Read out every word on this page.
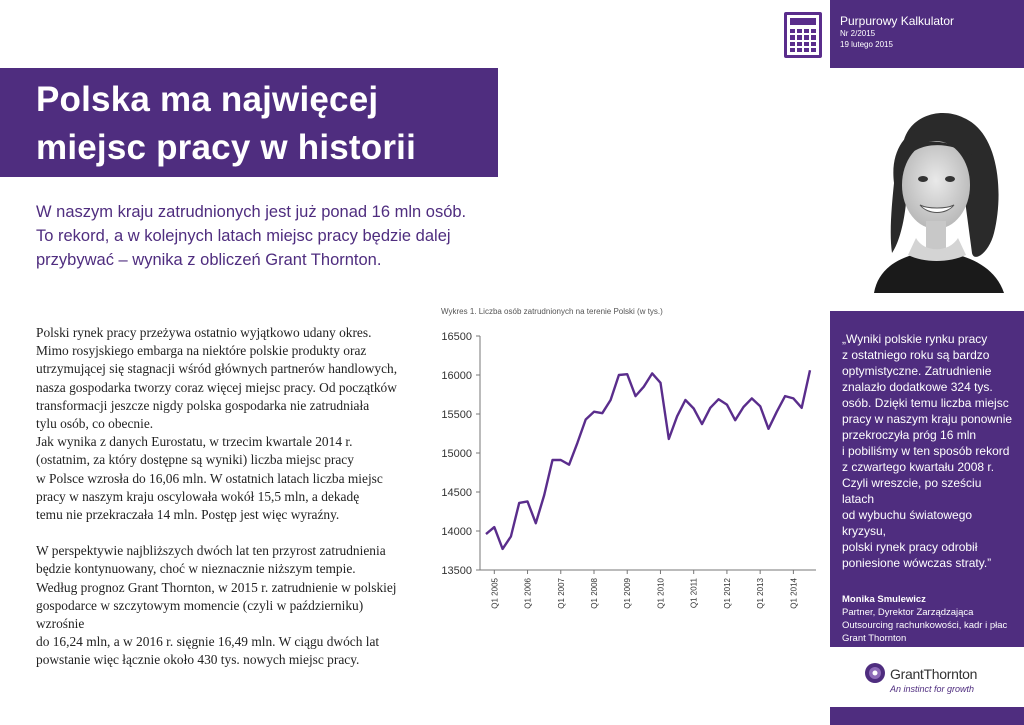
Purpurowy Kalkulator
Nr 2/2015
19 lutego 2015
Polska ma najwięcej
miejsc pracy w historii
W naszym kraju zatrudnionych jest już ponad 16 mln osób.
To rekord, a w kolejnych latach miejsc pracy będzie dalej
przybywać – wynika z obliczeń Grant Thornton.

Polski rynek pracy przeżywa ostatnio wyjątkowo udany okres.
Mimo rosyjskiego embarga na niektóre polskie produkty oraz
utrzymującej się stagnacji wśród głównych partnerów handlowych,
nasza gospodarka tworzy coraz więcej miejsc pracy. Od początków
transformacji jeszcze nigdy polska gospodarka nie zatrudniała
tylu osób, co obecnie.
Jak wynika z danych Eurostatu, w trzecim kwartale 2014 r.
(ostatnim, za który dostępne są wyniki) liczba miejsc pracy
w Polsce wzrosła do 16,06 mln. W ostatnich latach liczba miejsc
pracy w naszym kraju oscylowała wokół 15,5 mln, a dekadę
temu nie przekraczała 14 mln. Postęp jest więc wyraźny.

W perspektywie najbliższych dwóch lat ten przyrost zatrudnienia
będzie kontynuowany, choć w nieznacznie niższym tempie.
Według prognoz Grant Thornton, w 2015 r. zatrudnienie w polskiej
gospodarce w szczytowym momencie (czyli w październiku) wzrośnie
do 16,24 mln, a w 2016 r. sięgnie 16,49 mln. W ciągu dwóch lat
powstanie więc łącznie około 430 tys. nowych miejsc pracy.

Wykres 1. Liczba osób zatrudnionych na terenie Polski (w tys.)
13500
14000
14500
15000
15500
16000
16500
Q1 2005	Q1 2006	Q1 2007	Q1 2008	Q1 2009	Q1 2010	Q1 2011	Q1 2012	Q1 2013	Q1 2014
„Wyniki polskie rynku pracy
z ostatniego roku są bardzo
optymistyczne. Zatrudnienie
znalazło dodatkowe 324 tys.
osób. Dzięki temu liczba miejsc
pracy w naszym kraju ponownie
przekroczyła próg 16 mln
i pobiliśmy w ten sposób rekord
z czwartego kwartału 2008 r.
Czyli wreszcie, po sześciu latach
od wybuchu światowego kryzysu,
polski rynek pracy odrobił
poniesione wówczas straty.”
Monika Smulewicz
Partner, Dyrektor Zarządzająca
Outsourcing rachunkowości, kadr i płac
Grant Thornton
GrantThornton
An instinct for growth
